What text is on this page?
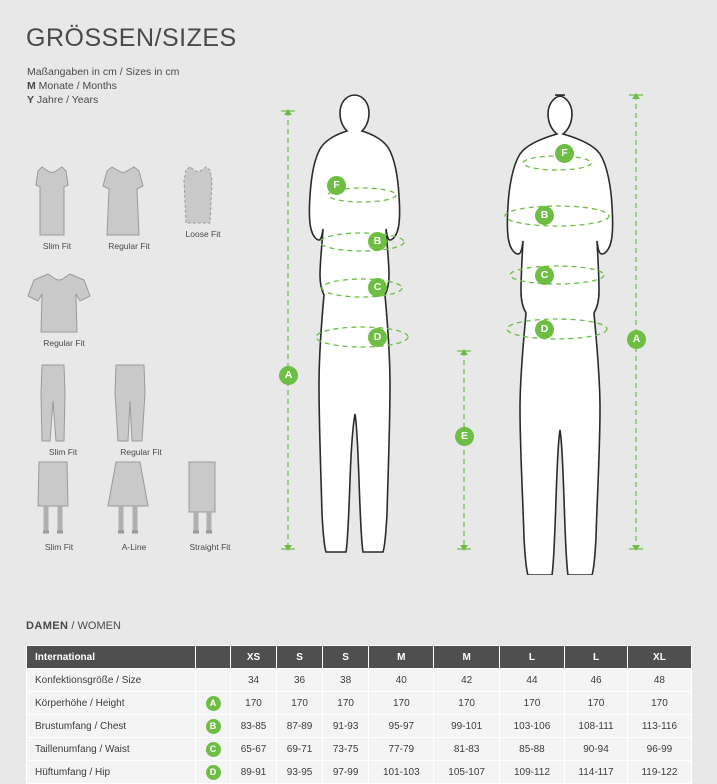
GRÖSSEN/SIZES
Maßangaben in cm / Sizes in cm
M Monate / Months
Y Jahre / Years
Slim Fit	Regular Fit
Loose Fit
Regular Fit
Slim Fit	Regular Fit
Slim Fit	A-Line	Straight Fit
A
F
B
C
D	A
F
B
C
D
E
DAMEN / WOMEN
International		XS	S	S	M	M	L	L	XL
Konfektionsgröße / Size		34	36	38	40	42	44	46	48
Körperhöhe / Height	A	170	170	170	170	170	170	170	170
Brustumfang / Chest	B	83-85	87-89	91-93	95-97	99-101	103-106	108-111	113-116
Taillenumfang / Waist	C	65-67	69-71	73-75	77-79	81-83	85-88	90-94	96-99
Hüftumfang / Hip	D	89-91	93-95	97-99	101-103	105-107	109-112	114-117	119-122
